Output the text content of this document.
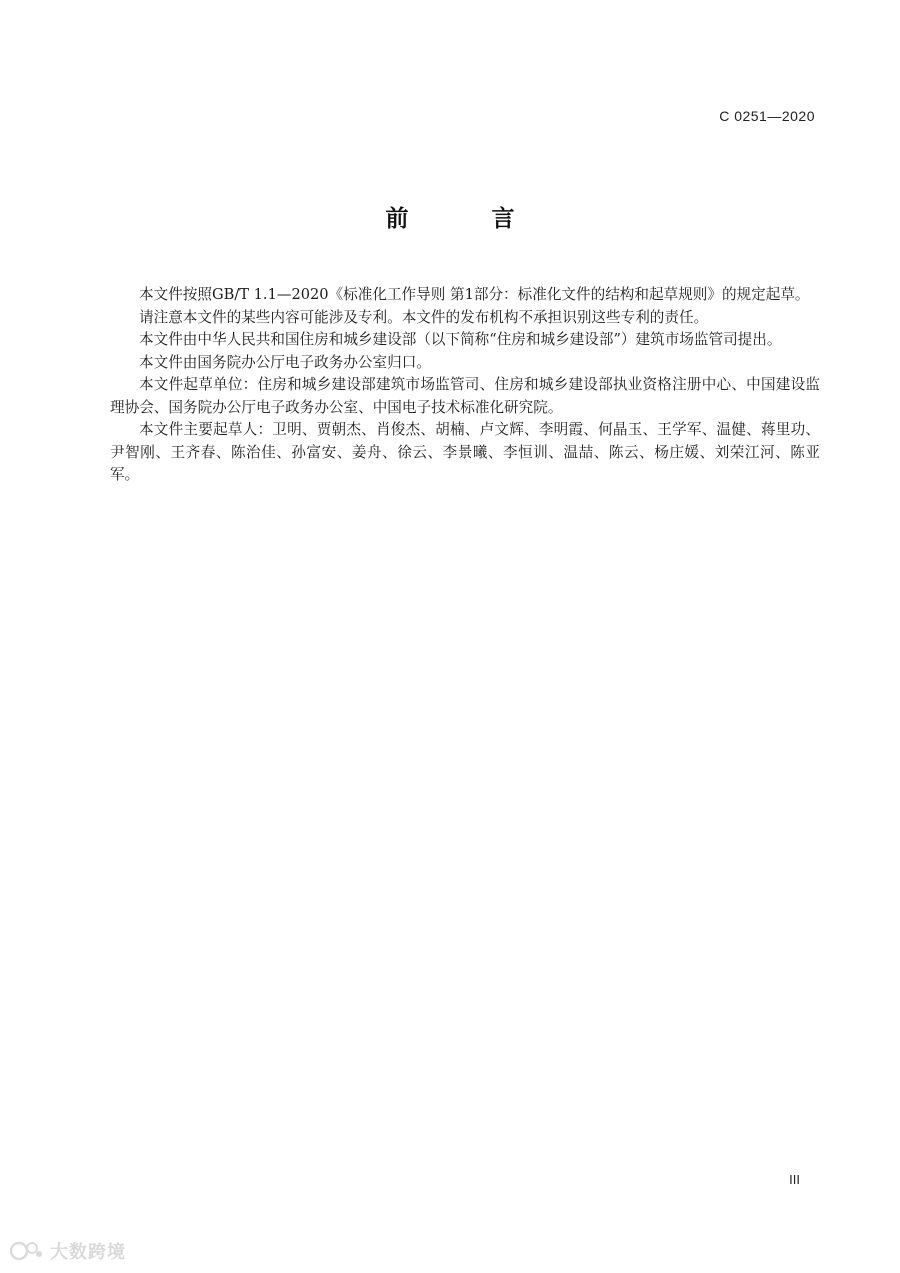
C 0251—2020
前　言

本文件按照GB/T 1.1—2020《标准化工作导则 第1部分：标准化文件的结构和起草规则》的规定起草。

请注意本文件的某些内容可能涉及专利。本文件的发布机构不承担识别这些专利的责任。

本文件由中华人民共和国住房和城乡建设部（以下简称“住房和城乡建设部”）建筑市场监管司提出。

本文件由国务院办公厅电子政务办公室归口。

本文件起草单位：住房和城乡建设部建筑市场监管司、住房和城乡建设部执业资格注册中心、中国建设监理协会、国务院办公厅电子政务办公室、中国电子技术标准化研究院。

本文件主要起草人：卫明、贾朝杰、肖俊杰、胡楠、卢文辉、李明霞、何晶玉、王学军、温健、蒋里功、尹智刚、王齐春、陈治佳、孙富安、姜舟、徐云、李景曦、李恒训、温喆、陈云、杨庄媛、刘荣江河、陈亚军。

III
大数跨境
